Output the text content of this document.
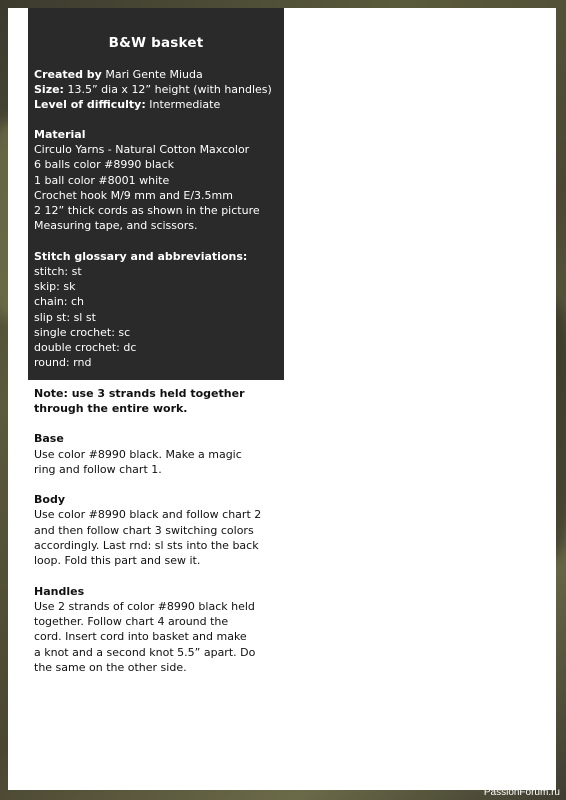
B&W basket
Created by Mari Gente Miuda
Size: 13.5” dia x 12” height (with handles)
Level of difficulty: Intermediate
Material
Circulo Yarns - Natural Cotton Maxcolor
6 balls color #8990 black
1 ball color #8001 white
Crochet hook M/9 mm and E/3.5mm
2 12” thick cords as shown in the picture
Measuring tape, and scissors.
Stitch glossary and abbreviations:
stitch: st
skip: sk
chain: ch
slip st: sl st
single crochet: sc
double crochet: dc
round: rnd
Note: use 3 strands held together
through the entire work.
Base
Use color #8990 black. Make a magic
ring and follow chart 1.
Body
Use color #8990 black and follow chart 2
and then follow chart 3 switching colors
accordingly. Last rnd: sl sts into the back
loop. Fold this part and sew it.
Handles
Use 2 strands of color #8990 black held
together. Follow chart 4 around the
cord. Insert cord into basket and make
a knot and a second knot 5.5” apart. Do
the same on the other side.
PassionForum.ru
